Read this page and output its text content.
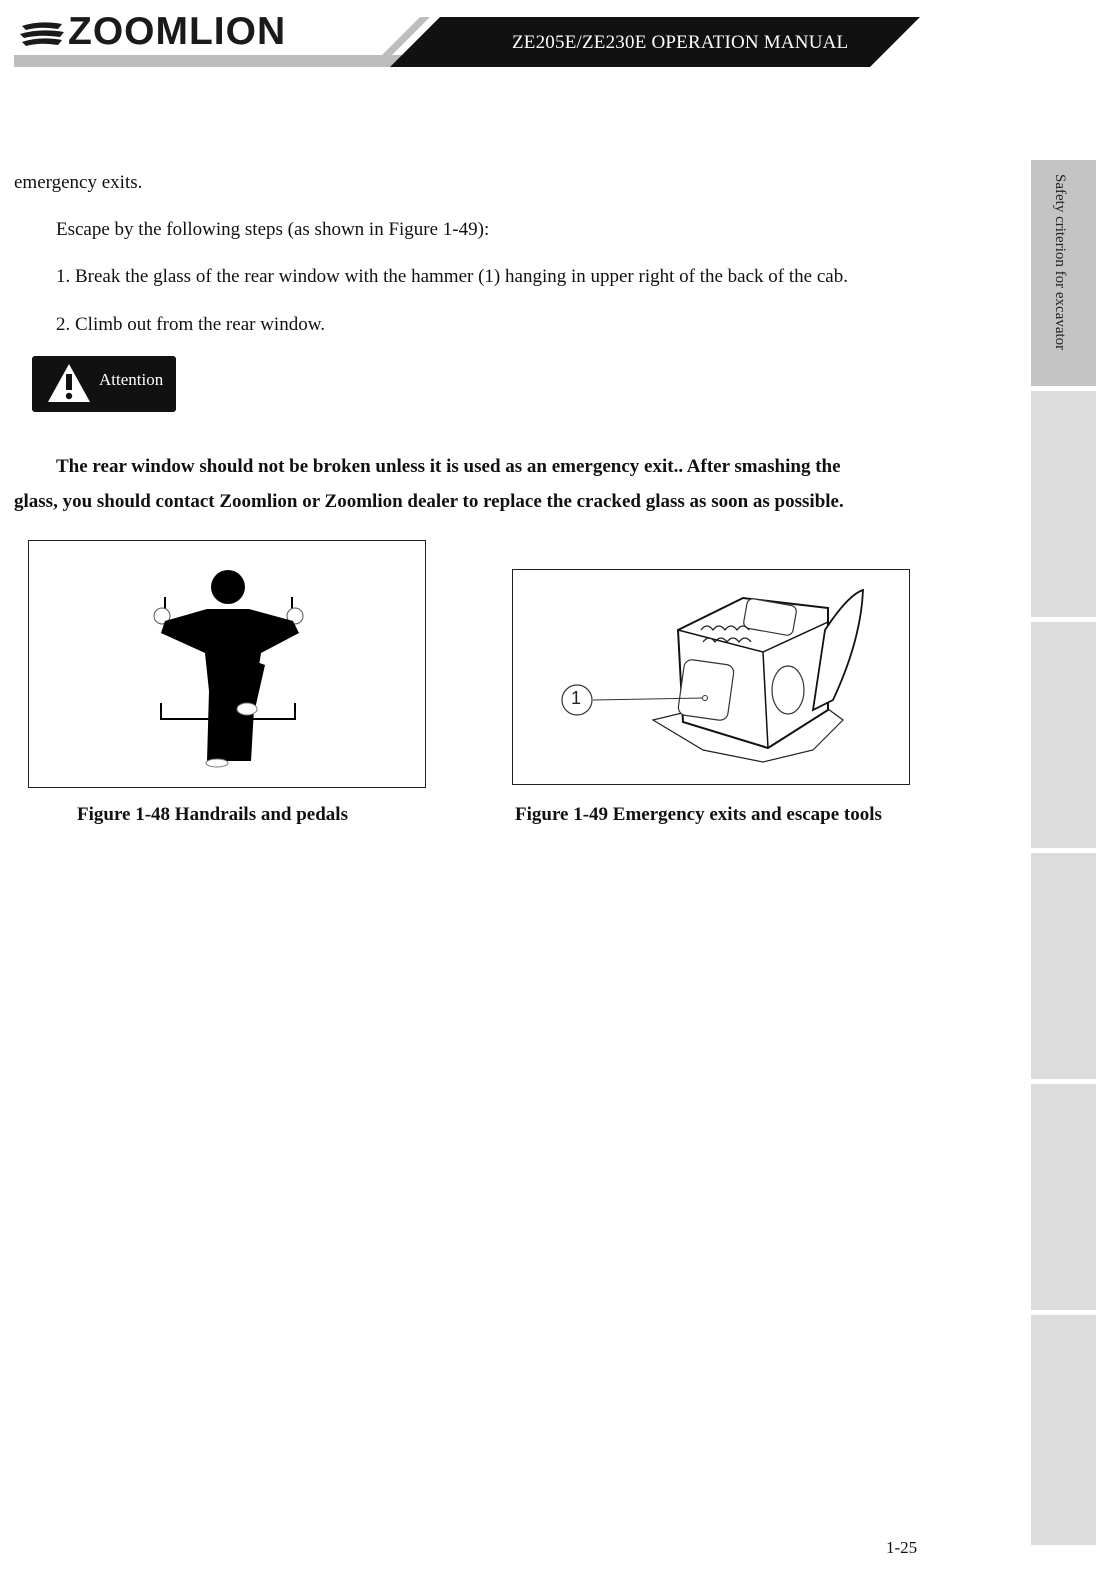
ZE205E/ZE230E OPERATION MANUAL
ZOOMLION
Safety criterion for excavator
emergency exits.
Escape by the following steps (as shown in Figure 1-49):
1. Break the glass of the rear window with the hammer (1) hanging in upper right of the back of the cab.
2. Climb out from the rear window.
Attention
The rear window should not be broken unless it is used as an emergency exit.. After smashing the
glass, you should contact Zoomlion or Zoomlion dealer to replace the cracked glass as soon as possible.
Figure 1-48 Handrails and pedals
1
Figure 1-49 Emergency exits and escape tools
1-25
